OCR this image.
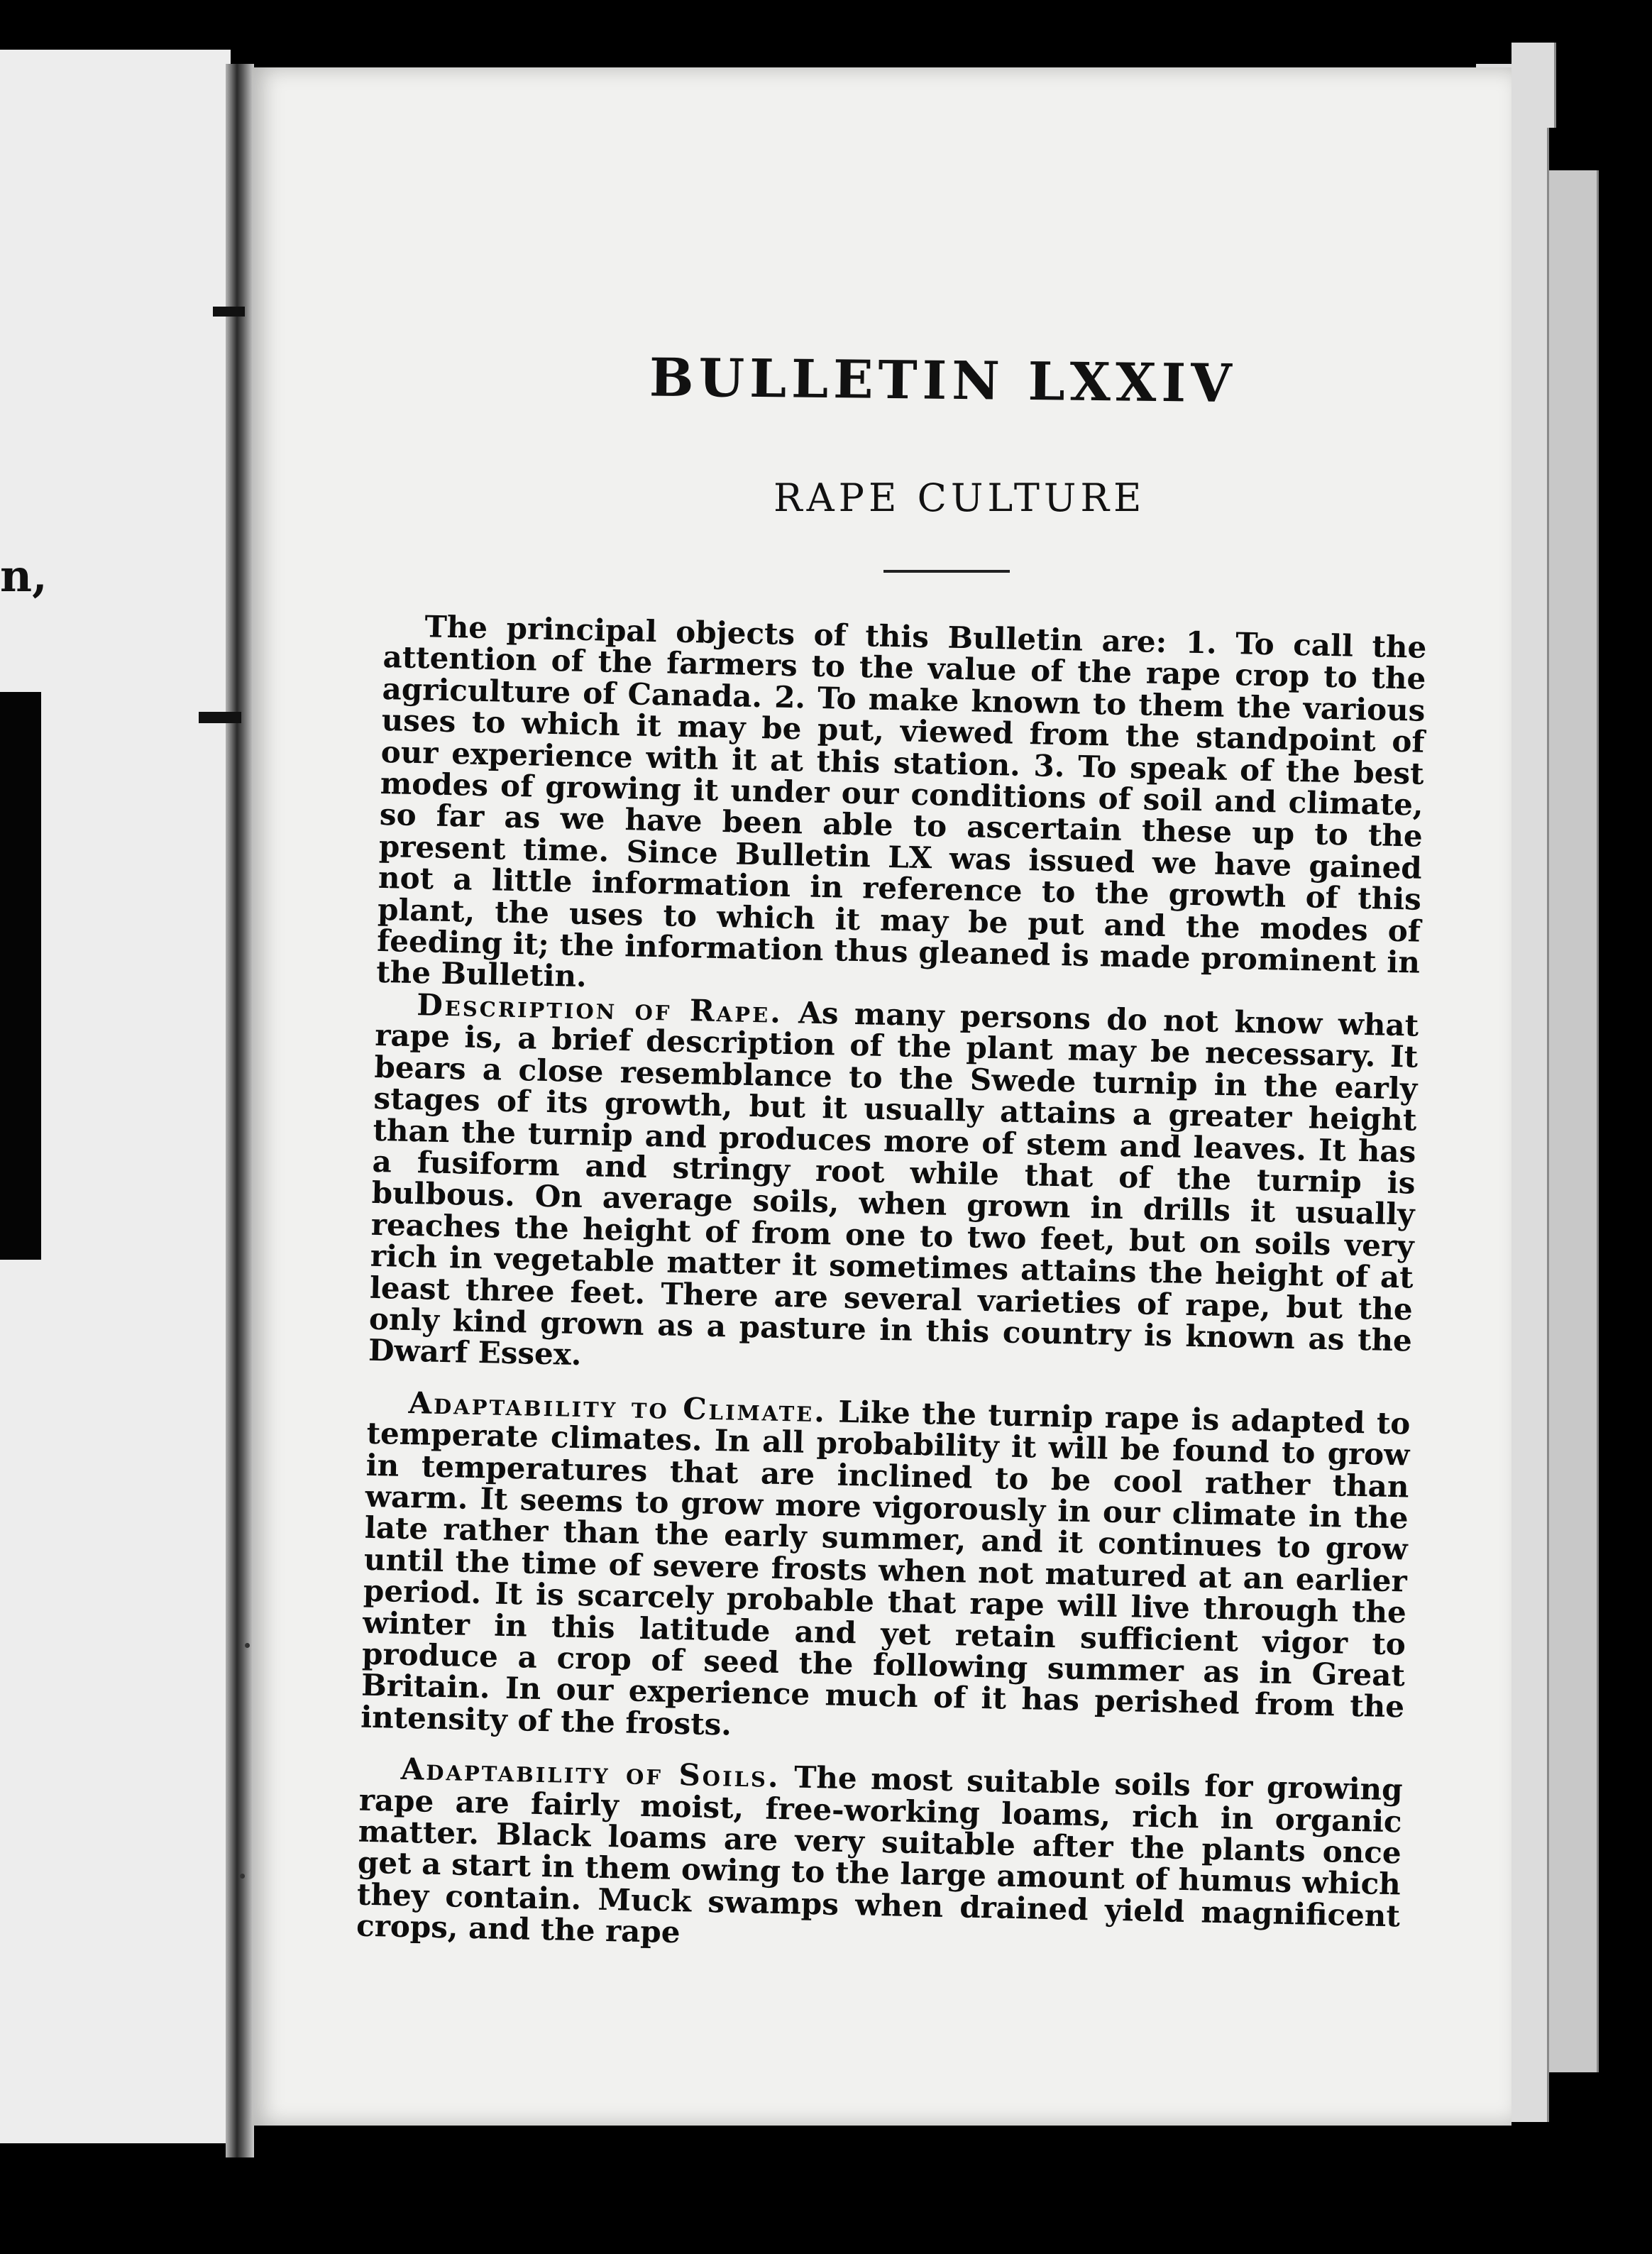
n,
BULLETIN LXXIV
RAPE CULTURE

The principal objects of this Bulletin are: 1. To call the attention of the farmers to the value of the rape crop to the agriculture of Canada. 2. To make known to them the various uses to which it may be put, viewed from the standpoint of our experience with it at this station. 3. To speak of the best modes of growing it under our conditions of soil and climate, so far as we have been able to ascertain these up to the present time. Since Bulletin LX was issued we have gained not a little information in reference to the growth of this plant, the uses to which it may be put and the modes of feeding it; the information thus gleaned is made prominent in the Bulletin.

Description of Rape. As many persons do not know what rape is, a brief description of the plant may be necessary. It bears a close resemblance to the Swede turnip in the early stages of its growth, but it usually attains a greater height than the turnip and produces more of stem and leaves. It has a fusiform and stringy root while that of the turnip is bulbous. On average soils, when grown in drills it usually reaches the height of from one to two feet, but on soils very rich in vegetable matter it sometimes attains the height of at least three feet. There are several varieties of rape, but the only kind grown as a pasture in this country is known as the Dwarf Essex.

Adaptability to Climate. Like the turnip rape is adapted to temperate climates. In all probability it will be found to grow in temperatures that are inclined to be cool rather than warm. It seems to grow more vigorously in our climate in the late rather than the early summer, and it continues to grow until the time of severe frosts when not matured at an earlier period. It is scarcely probable that rape will live through the winter in this latitude and yet retain sufficient vigor to produce a crop of seed the following summer as in Great Britain. In our experience much of it has perished from the intensity of the frosts.

Adaptability of Soils. The most suitable soils for growing rape are fairly moist, free-working loams, rich in organic matter. Black loams are very suitable after the plants once get a start in them owing to the large amount of humus which they contain. Muck swamps when drained yield magnificent crops, and the rape
